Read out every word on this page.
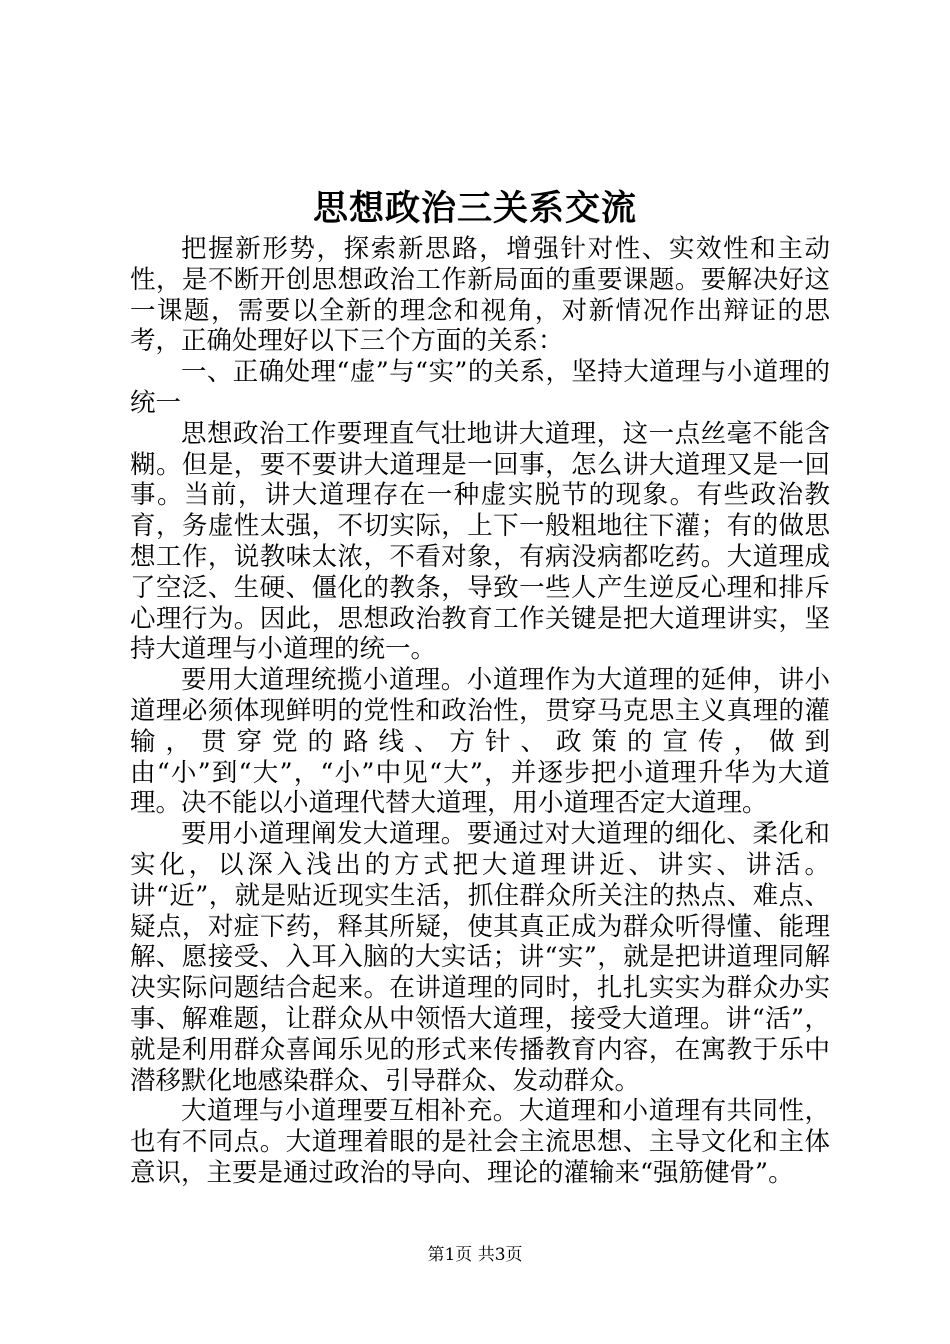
思想政治三关系交流

把握新形势，探索新思路，增强针对性、实效性和主动性，是不断开创思想政治工作新局面的重要课题。要解决好这一课题，需要以全新的理念和视角，对新情况作出辩证的思考，正确处理好以下三个方面的关系：

一、正确处理“虚”与“实”的关系，坚持大道理与小道理的统一

思想政治工作要理直气壮地讲大道理，这一点丝毫不能含糊。但是，要不要讲大道理是一回事，怎么讲大道理又是一回事。当前，讲大道理存在一种虚实脱节的现象。有些政治教育，务虚性太强，不切实际，上下一般粗地往下灌；有的做思想工作，说教味太浓，不看对象，有病没病都吃药。大道理成了空泛、生硬、僵化的教条，导致一些人产生逆反心理和排斥心理行为。因此，思想政治教育工作关键是把大道理讲实，坚持大道理与小道理的统一。

要用大道理统揽小道理。小道理作为大道理的延伸，讲小道理必须体现鲜明的党性和政治性，贯穿马克思主义真理的灌输，贯穿党的路线、方针、政策的宣传，做到由“小”到“大”，“小”中见“大”，并逐步把小道理升华为大道理。决不能以小道理代替大道理，用小道理否定大道理。

要用小道理阐发大道理。要通过对大道理的细化、柔化和实化，以深入浅出的方式把大道理讲近、讲实、讲活。讲“近”，就是贴近现实生活，抓住群众所关注的热点、难点、疑点，对症下药，释其所疑，使其真正成为群众听得懂、能理解、愿接受、入耳入脑的大实话；讲“实”，就是把讲道理同解决实际问题结合起来。在讲道理的同时，扎扎实实为群众办实事、解难题，让群众从中领悟大道理，接受大道理。讲“活”，就是利用群众喜闻乐见的形式来传播教育内容，在寓教于乐中潜移默化地感染群众、引导群众、发动群众。

大道理与小道理要互相补充。大道理和小道理有共同性，也有不同点。大道理着眼的是社会主流思想、主导文化和主体意识，主要是通过政治的导向、理论的灌输来“强筋健骨”。

第1页 共3页
